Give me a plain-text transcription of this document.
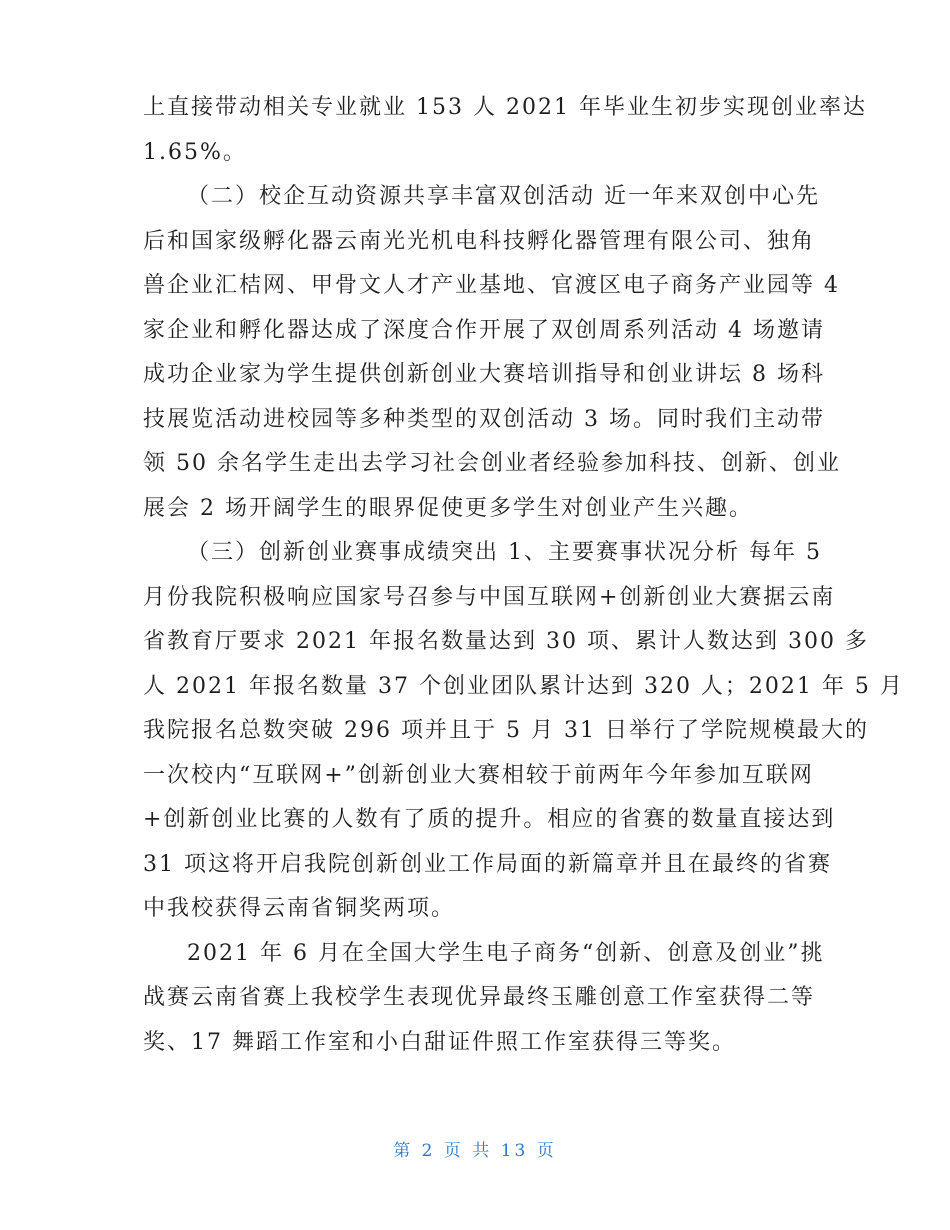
上直接带动相关专业就业 153 人 2021 年毕业生初步实现创业率达
1.65%。

（二）校企互动资源共享丰富双创活动 近一年来双创中心先
后和国家级孵化器云南光光机电科技孵化器管理有限公司、独角
兽企业汇桔网、甲骨文人才产业基地、官渡区电子商务产业园等 4
家企业和孵化器达成了深度合作开展了双创周系列活动 4 场邀请
成功企业家为学生提供创新创业大赛培训指导和创业讲坛 8 场科
技展览活动进校园等多种类型的双创活动 3 场。同时我们主动带
领 50 余名学生走出去学习社会创业者经验参加科技、创新、创业
展会 2 场开阔学生的眼界促使更多学生对创业产生兴趣。

（三）创新创业赛事成绩突出 1、主要赛事状况分析 每年 5
月份我院积极响应国家号召参与中国互联网+创新创业大赛据云南
省教育厅要求 2021 年报名数量达到 30 项、累计人数达到 300 多
人 2021 年报名数量 37 个创业团队累计达到 320 人；2021 年 5 月
我院报名总数突破 296 项并且于 5 月 31 日举行了学院规模最大的
一次校内“互联网+”创新创业大赛相较于前两年今年参加互联网
+创新创业比赛的人数有了质的提升。相应的省赛的数量直接达到
31 项这将开启我院创新创业工作局面的新篇章并且在最终的省赛
中我校获得云南省铜奖两项。

2021 年 6 月在全国大学生电子商务“创新、创意及创业”挑
战赛云南省赛上我校学生表现优异最终玉雕创意工作室获得二等
奖、17 舞蹈工作室和小白甜证件照工作室获得三等奖。

第 2 页 共 13 页
